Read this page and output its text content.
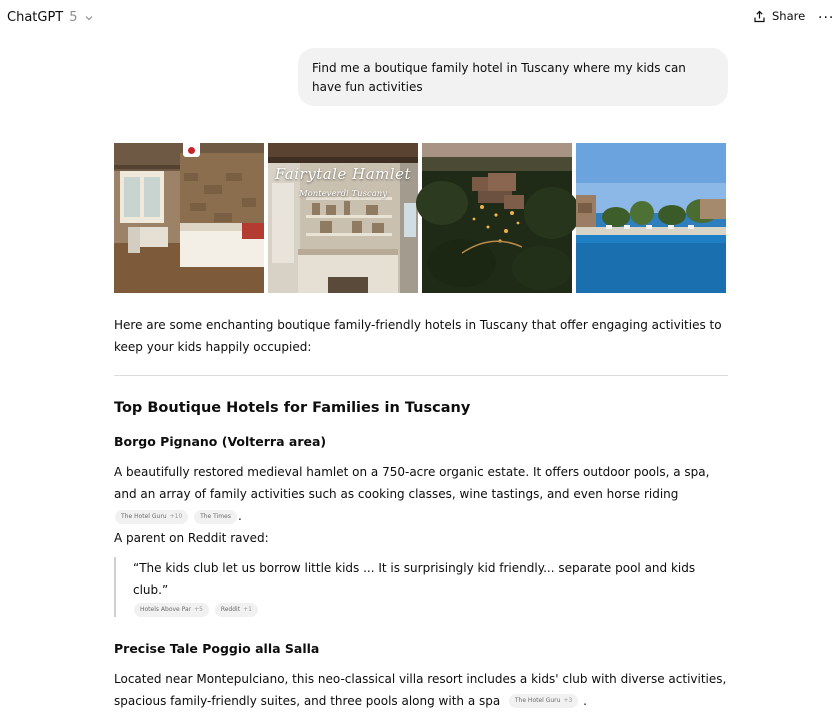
ChatGPT 5	Share ···
Find me a boutique family hotel in Tuscany where my kids can have fun activities
Fairytale Hamlet
Monteverdi Tuscany

Here are some enchanting boutique family-friendly hotels in Tuscany that offer engaging activities to keep your kids happily occupied:

Top Boutique Hotels for Families in Tuscany
Borgo Pignano (Volterra area)

A beautifully restored medieval hamlet on a 750-acre organic estate. It offers outdoor pools, a spa, and an array of family activities such as cooking classes, wine tastings, and even horse riding
The Hotel Guru +10
	The Times .
A parent on Reddit raved:

“The kids club let us borrow little kids ... It is surprisingly kid friendly... separate pool and kids club.”
Hotels Above Par +5
	Reddit +1
Precise Tale Poggio alla Salla

Located near Montepulciano, this neo-classical villa resort includes a kids' club with diverse activities, spacious family-friendly suites, and three pools along with a spa The Hotel Guru +3 .
